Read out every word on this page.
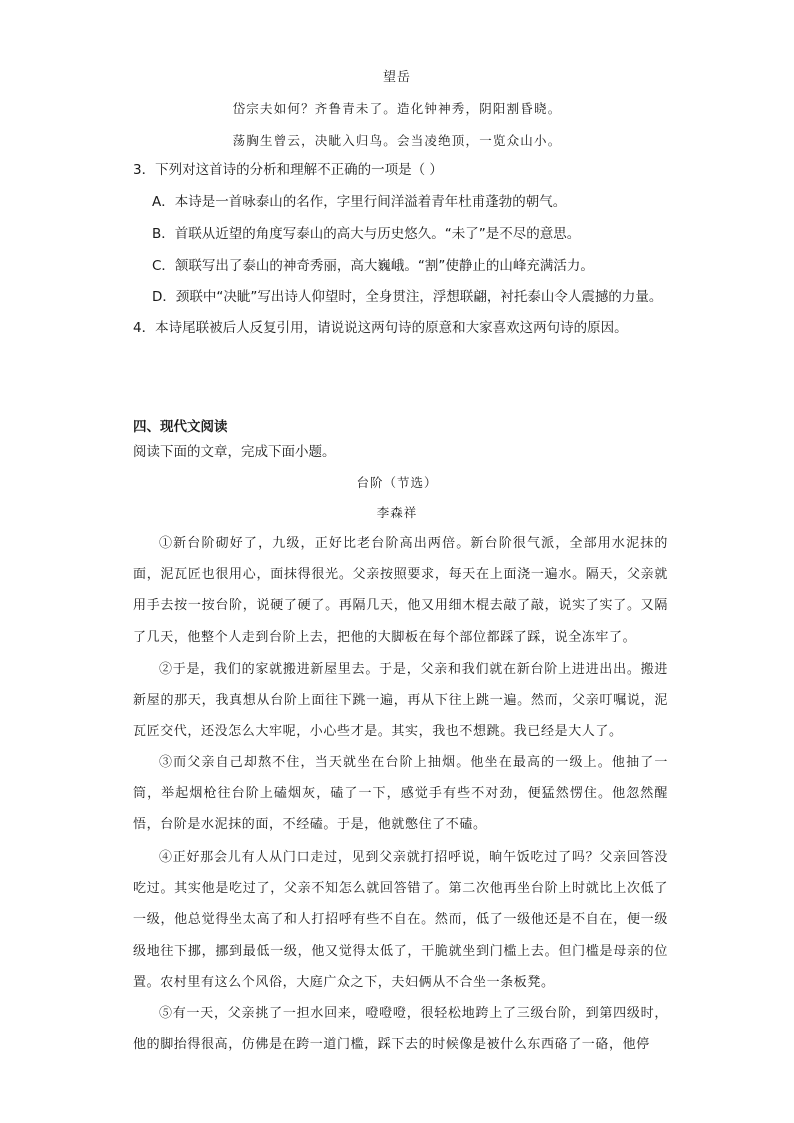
望岳
岱宗夫如何？齐鲁青未了。造化钟神秀，阴阳割昏晓。
荡胸生曾云，决眦入归鸟。会当凌绝顶，一览众山小。
3．下列对这首诗的分析和理解不正确的一项是（ ）
A．本诗是一首咏泰山的名作，字里行间洋溢着青年杜甫蓬勃的朝气。
B．首联从近望的角度写泰山的高大与历史悠久。“未了”是不尽的意思。
C．颔联写出了泰山的神奇秀丽，高大巍峨。“割”使静止的山峰充满活力。
D．颈联中“决眦”写出诗人仰望时，全身贯注，浮想联翩，衬托泰山令人震撼的力量。
4．本诗尾联被后人反复引用，请说说这两句诗的原意和大家喜欢这两句诗的原因。
四、现代文阅读
阅读下面的文章，完成下面小题。
台阶（节选）
李森祥
①新台阶砌好了，九级，正好比老台阶高出两倍。新台阶很气派，全部用水泥抹的面，泥瓦匠也很用心，面抹得很光。父亲按照要求，每天在上面浇一遍水。隔天，父亲就用手去按一按台阶，说硬了硬了。再隔几天，他又用细木棍去敲了敲，说实了实了。又隔了几天，他整个人走到台阶上去，把他的大脚板在每个部位都踩了踩，说全冻牢了。
②于是，我们的家就搬进新屋里去。于是，父亲和我们就在新台阶上进进出出。搬进新屋的那天，我真想从台阶上面往下跳一遍，再从下往上跳一遍。然而，父亲叮嘱说，泥瓦匠交代，还没怎么大牢呢，小心些才是。其实，我也不想跳。我已经是大人了。
③而父亲自己却熬不住，当天就坐在台阶上抽烟。他坐在最高的一级上。他抽了一筒，举起烟枪往台阶上磕烟灰，磕了一下，感觉手有些不对劲，便猛然愣住。他忽然醒悟，台阶是水泥抹的面，不经磕。于是，他就憋住了不磕。
④正好那会儿有人从门口走过，见到父亲就打招呼说，晌午饭吃过了吗？父亲回答没吃过。其实他是吃过了，父亲不知怎么就回答错了。第二次他再坐台阶上时就比上次低了一级，他总觉得坐太高了和人打招呼有些不自在。然而，低了一级他还是不自在，便一级级地往下挪，挪到最低一级，他又觉得太低了，干脆就坐到门槛上去。但门槛是母亲的位置。农村里有这么个风俗，大庭广众之下，夫妇俩从不合坐一条板凳。
⑤有一天，父亲挑了一担水回来，噔噔噔，很轻松地跨上了三级台阶，到第四级时，他的脚抬得很高，仿佛是在跨一道门槛，踩下去的时候像是被什么东西硌了一硌，他停
